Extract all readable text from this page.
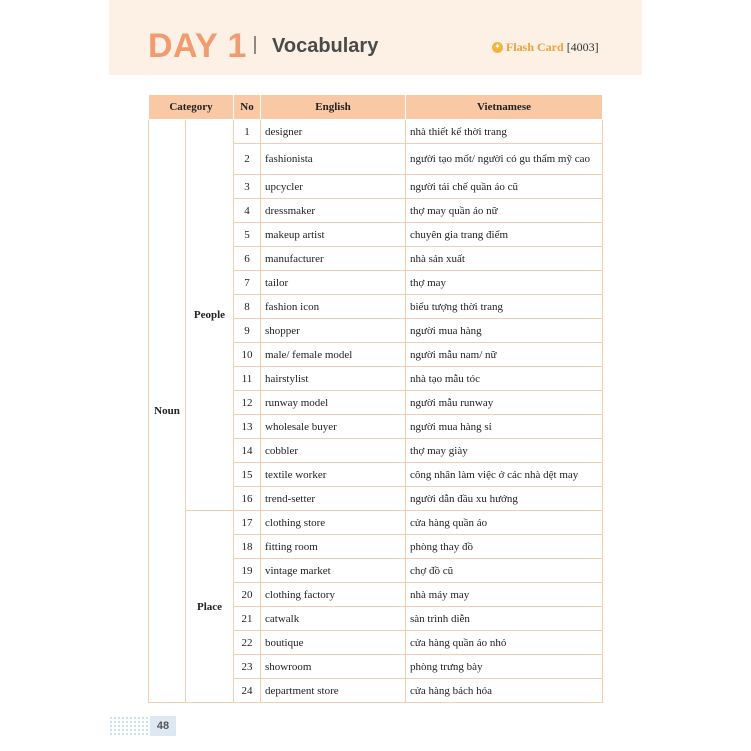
DAY 1 Vocabulary	✦ Flash Card [4003]
Category		No	English	Vietnamese
Noun	People	1	designer	nhà thiết kế thời trang
		2	fashionista	người tạo mốt/ người có gu thẩm mỹ cao
		3	upcycler	người tái chế quần áo cũ
		4	dressmaker	thợ may quần áo nữ
		5	makeup artist	chuyên gia trang điểm
		6	manufacturer	nhà sản xuất
		7	tailor	thợ may
		8	fashion icon	biểu tượng thời trang
		9	shopper	người mua hàng
		10	male/ female model	người mẫu nam/ nữ
		11	hairstylist	nhà tạo mẫu tóc
		12	runway model	người mẫu runway
		13	wholesale buyer	người mua hàng sỉ
		14	cobbler	thợ may giày
		15	textile worker	công nhân làm việc ở các nhà dệt may
		16	trend-setter	người dẫn đầu xu hướng
	Place	17	clothing store	cửa hàng quần áo
		18	fitting room	phòng thay đồ
		19	vintage market	chợ đồ cũ
		20	clothing factory	nhà máy may
		21	catwalk	sàn trình diễn
		22	boutique	cửa hàng quần áo nhỏ
		23	showroom	phòng trưng bày
		24	department store	cửa hàng bách hóa
48
